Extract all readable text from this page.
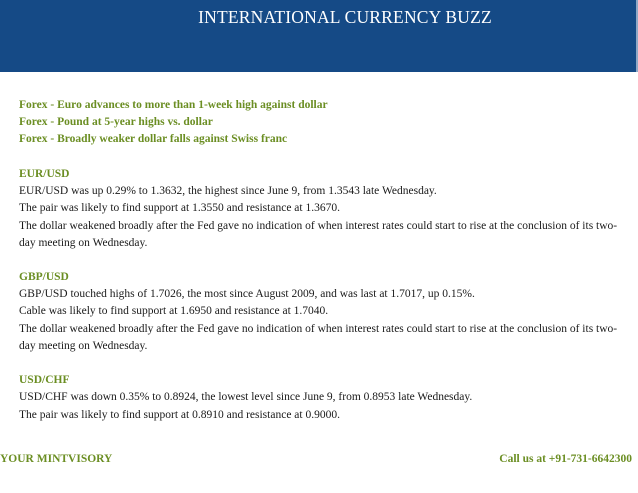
INTERNATIONAL CURRENCY BUZZ
Forex - Euro advances to more than 1-week high against dollar
Forex - Pound at 5-year highs vs. dollar
Forex - Broadly weaker dollar falls against Swiss franc
EUR/USD
EUR/USD was up 0.29% to 1.3632, the highest since June 9, from 1.3543 late Wednesday.
The pair was likely to find support at 1.3550 and resistance at 1.3670.
The dollar weakened broadly after the Fed gave no indication of when interest rates could start to rise at the conclusion of its two-day meeting on Wednesday.
GBP/USD
GBP/USD touched highs of 1.7026, the most since August 2009, and was last at 1.7017, up 0.15%.
Cable was likely to find support at 1.6950 and resistance at 1.7040.
The dollar weakened broadly after the Fed gave no indication of when interest rates could start to rise at the conclusion of its two-day meeting on Wednesday.
USD/CHF
USD/CHF was down 0.35% to 0.8924, the lowest level since June 9, from 0.8953 late Wednesday.
The pair was likely to find support at 0.8910 and resistance at 0.9000.
YOUR MINTVISORY	Call us at +91-731-6642300
